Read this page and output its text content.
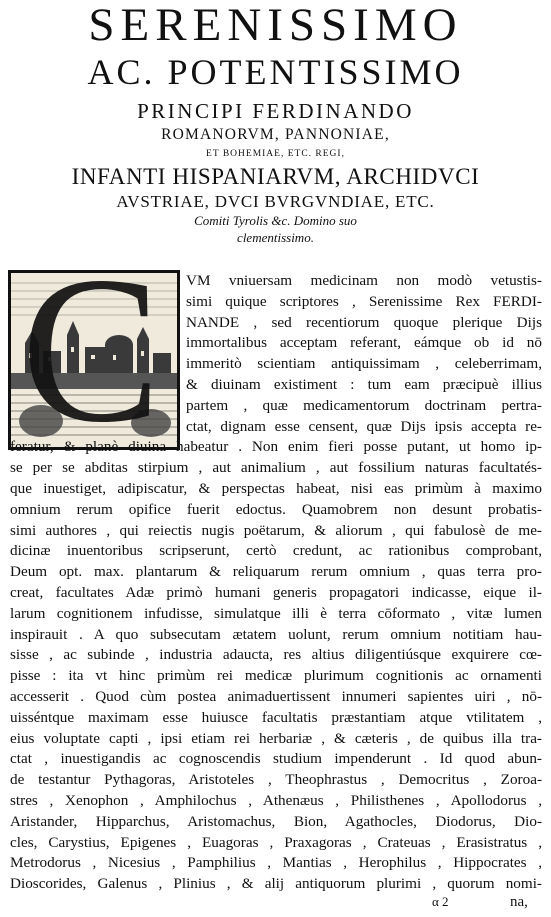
SERENISSIMO
AC. POTENTISSIMO
PRINCIPI FERDINANDO
ROMANORVM, PANNONIAE,
ET BOHEMIAE, ETC. REGI,
INFANTI HISPANIARVM, ARCHIDVCI
AVSTRIAE, DVCI BVRGVNDIAE, ETC.
Comiti Tyrolis &c. Domino suo
clementissimo.
C VM vniuersam medicinam non modò vetustis-
simi quique scriptores , Serenissime Rex FERDI-
NANDE , sed recentiorum quoque plerique Dijs
immortalibus acceptam referant, eámque ob id nō
immeritò scientiam antiquissimam , celeberrimam,
& diuinam existiment : tum eam præcipuè illius
partem , quæ medicamentorum doctrinam pertra-
ctat, dignam esse censent, quæ Dijs ipsis accepta re-
feratur, & planè diuina habeatur . Non enim fieri posse putant, ut homo ip-
se per se abditas stirpium , aut animalium , aut fossilium naturas facultatés-
que inuestiget, adipiscatur, & perspectas habeat, nisi eas primùm à maximo
omnium rerum opifice fuerit edoctus. Quamobrem non desunt probatis-
simi authores , qui reiectis nugis poëtarum, & aliorum , qui fabulosè de me-
dicinæ inuentoribus scripserunt, certò credunt, ac rationibus comprobant,
Deum opt. max. plantarum & reliquarum rerum omnium , quas terra pro-
creat, facultates Adæ primò humani generis propagatori indicasse, eique il-
larum cognitionem infudisse, simulatque illi è terra cōformato , vitæ lumen
inspirauit . A quo subsecutam ætatem uolunt, rerum omnium notitiam hau-
sisse , ac subinde , industria adaucta, res altius diligentiúsque exquirere cœ-
pisse : ita vt hinc primùm rei medicæ plurimum cognitionis ac ornamenti
accesserit . Quod cùm postea animaduertissent innumeri sapientes uiri , nō-
uisséntque maximam esse huiusce facultatis præstantiam atque vtilitatem ,
eius voluptate capti , ipsi etiam rei herbariæ , & cæteris , de quibus illa tra-
ctat , inuestigandis ac cognoscendis studium impenderunt . Id quod abun-
de testantur Pythagoras, Aristoteles , Theophrastus , Democritus , Zoroa-
stres , Xenophon , Amphilochus , Athenæus , Philisthenes , Apollodorus ,
Aristander, Hipparchus, Aristomachus, Bion, Agathocles, Diodorus, Dio-
cles, Carystius, Epigenes , Euagoras , Praxagoras , Crateuas , Erasistratus ,
Metrodorus , Nicesius , Pamphilius , Mantias , Herophilus , Hippocrates ,
Dioscorides, Galenus , Plinius , & alij antiquorum plurimi , quorum nomi-
α 2	na,
